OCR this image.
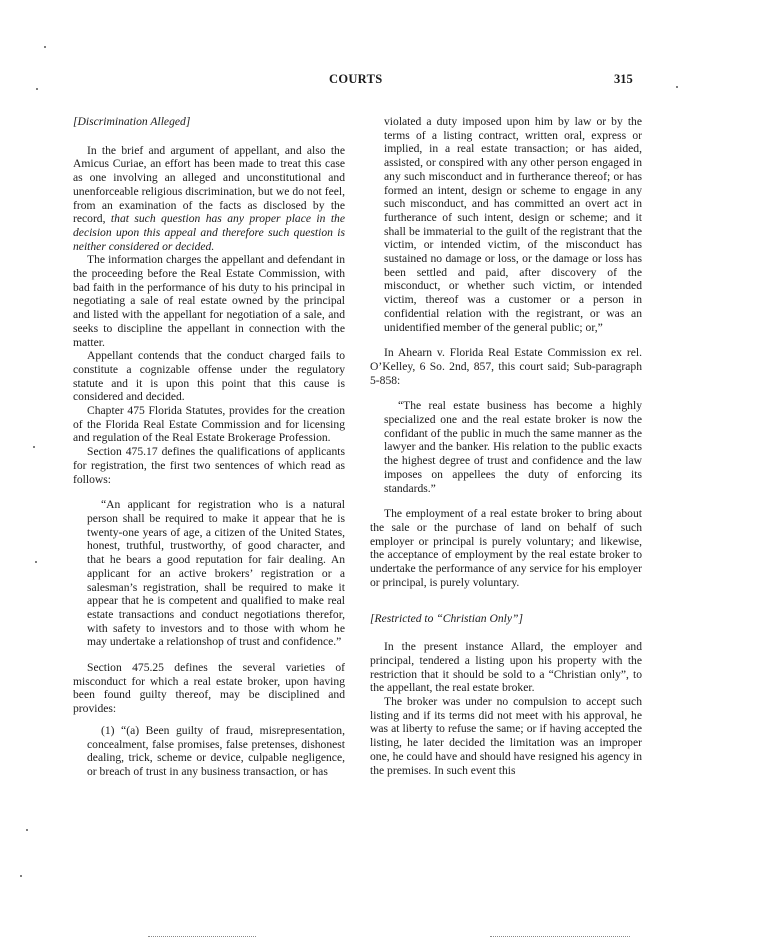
COURTS	315

[Discrimination Alleged]

In the brief and argument of appellant, and also the Amicus Curiae, an effort has been made to treat this case as one involving an alleged and unconstitutional and unenforceable religious discrimination, but we do not feel, from an examination of the facts as disclosed by the record, that such question has any proper place in the decision upon this appeal and therefore such question is neither considered or decided.

The information charges the appellant and defendant in the proceeding before the Real Estate Commission, with bad faith in the performance of his duty to his principal in negotiating a sale of real estate owned by the principal and listed with the appellant for negotiation of a sale, and seeks to discipline the appellant in connection with the matter.

Appellant contends that the conduct charged fails to constitute a cognizable offense under the regulatory statute and it is upon this point that this cause is considered and decided.

Chapter 475 Florida Statutes, provides for the creation of the Florida Real Estate Commission and for licensing and regulation of the Real Estate Brokerage Profession.

Section 475.17 defines the qualifications of applicants for registration, the first two sentences of which read as follows:

“An applicant for registration who is a natural person shall be required to make it appear that he is twenty-one years of age, a citizen of the United States, honest, truthful, trustworthy, of good character, and that he bears a good reputation for fair dealing. An applicant for an active brokers’ registration or a salesman’s registration, shall be required to make it appear that he is competent and qualified to make real estate transactions and conduct negotiations therefor, with safety to investors and to those with whom he may undertake a relationshop of trust and confidence.”

Section 475.25 defines the several varieties of misconduct for which a real estate broker, upon having been found guilty thereof, may be disciplined and provides:

(1) “(a) Been guilty of fraud, misrepresentation, concealment, false promises, false pretenses, dishonest dealing, trick, scheme or device, culpable negligence, or breach of trust in any business transaction, or has

violated a duty imposed upon him by law or by the terms of a listing contract, written oral, express or implied, in a real estate transaction; or has aided, assisted, or conspired with any other person engaged in any such misconduct and in furtherance thereof; or has formed an intent, design or scheme to engage in any such misconduct, and has committed an overt act in furtherance of such intent, design or scheme; and it shall be immaterial to the guilt of the registrant that the victim, or intended victim, of the misconduct has sustained no damage or loss, or the damage or loss has been settled and paid, after discovery of the misconduct, or whether such victim, or intended victim, thereof was a customer or a person in confidential relation with the registrant, or was an unidentified member of the general public; or,”

In Ahearn v. Florida Real Estate Commission ex rel. O’Kelley, 6 So. 2nd, 857, this court said; Sub-paragraph 5-858:

“The real estate business has become a highly specialized one and the real estate broker is now the confidant of the public in much the same manner as the lawyer and the banker. His relation to the public exacts the highest degree of trust and confidence and the law imposes on appellees the duty of enforcing its standards.”

The employment of a real estate broker to bring about the sale or the purchase of land on behalf of such employer or principal is purely voluntary; and likewise, the acceptance of employment by the real estate broker to undertake the performance of any service for his employer or principal, is purely voluntary.

[Restricted to “Christian Only”]

In the present instance Allard, the employer and principal, tendered a listing upon his property with the restriction that it should be sold to a “Christian only”, to the appellant, the real estate broker.

The broker was under no compulsion to accept such listing and if its terms did not meet with his approval, he was at liberty to refuse the same; or if having accepted the listing, he later decided the limitation was an improper one, he could have and should have resigned his agency in the premises. In such event this
